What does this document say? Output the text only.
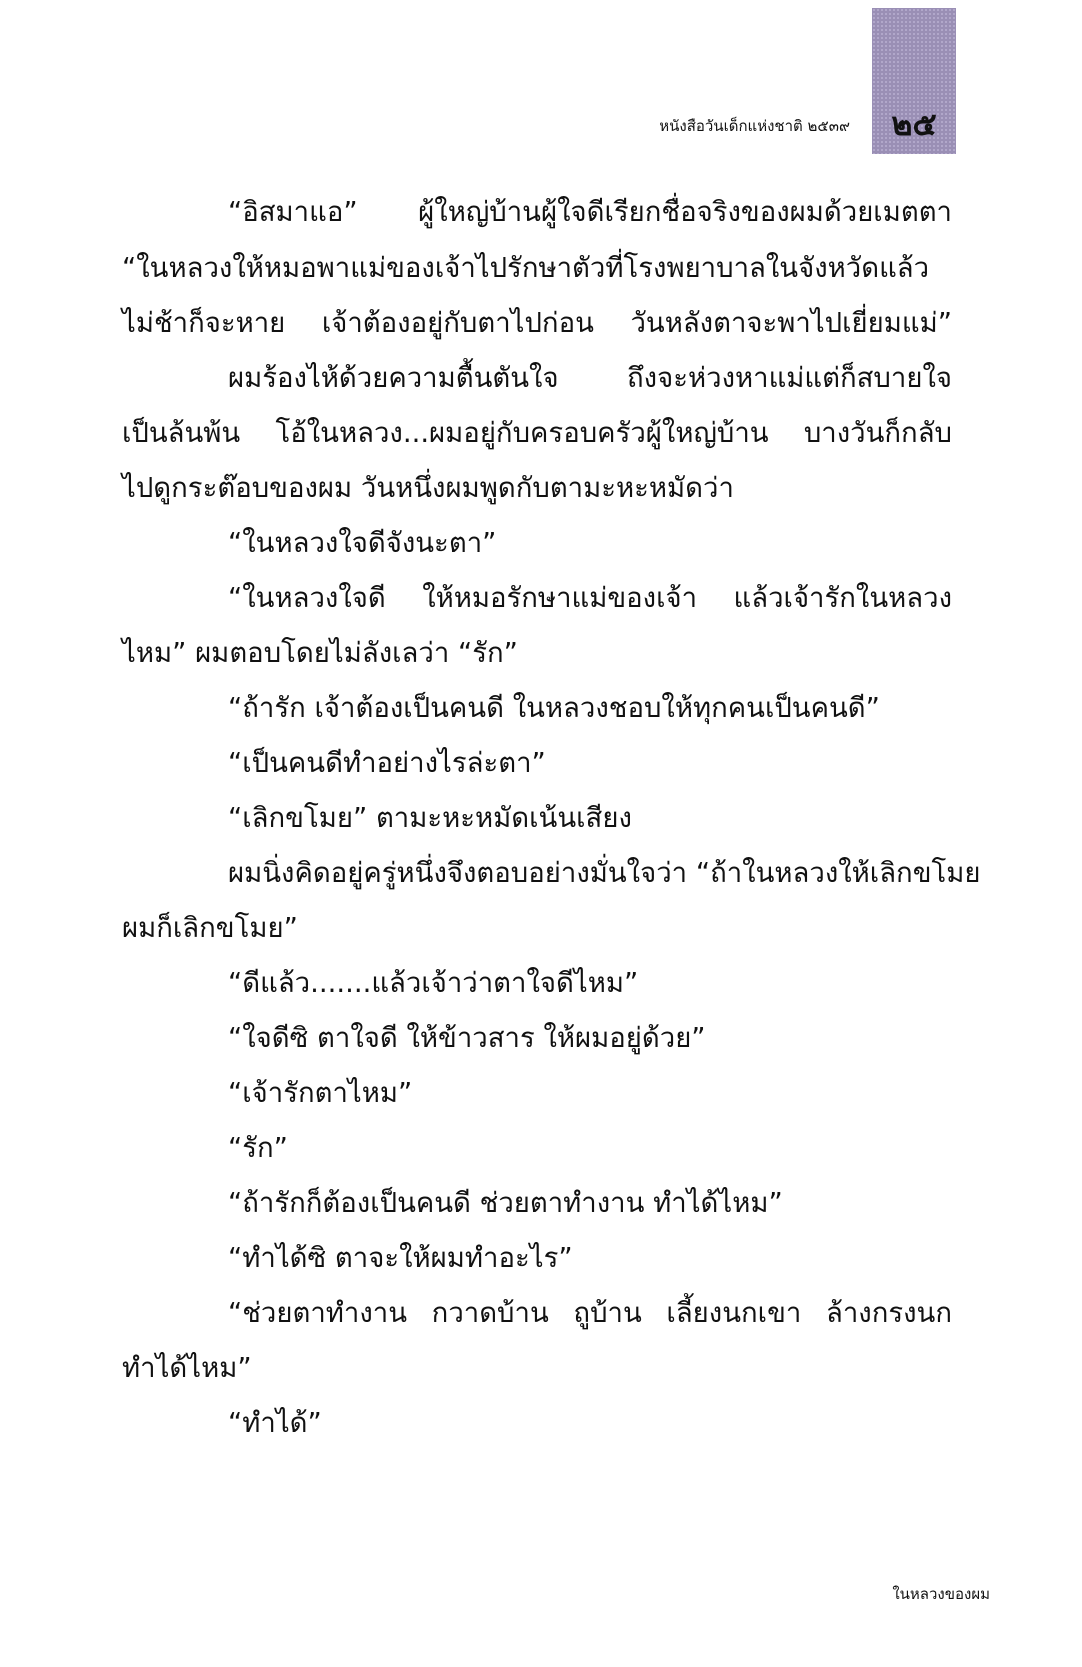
๒๕
หนังสือวันเด็กแห่งชาติ ๒๕๓๙
“อิสมาแอ” ผู้ใหญ่บ้านผู้ใจดีเรียกชื่อจริงของผมด้วยเมตตา
“ในหลวงให้หมอพาแม่ของเจ้าไปรักษาตัวที่โรงพยาบาลในจังหวัดแล้ว
ไม่ช้าก็จะหาย เจ้าต้องอยู่กับตาไปก่อน วันหลังตาจะพาไปเยี่ยมแม่”
ผมร้องไห้ด้วยความตื้นตันใจ ถึงจะห่วงหาแม่แต่ก็สบายใจ
เป็นล้นพ้น โอ้ในหลวง...ผมอยู่กับครอบครัวผู้ใหญ่บ้าน บางวันก็กลับ
ไปดูกระต๊อบของผม วันหนึ่งผมพูดกับตามะหะหมัดว่า
“ในหลวงใจดีจังนะตา”
“ในหลวงใจดี ให้หมอรักษาแม่ของเจ้า แล้วเจ้ารักในหลวง
ไหม” ผมตอบโดยไม่ลังเลว่า “รัก”
“ถ้ารัก เจ้าต้องเป็นคนดี ในหลวงชอบให้ทุกคนเป็นคนดี”
“เป็นคนดีทำอย่างไรล่ะตา”
“เลิกขโมย” ตามะหะหมัดเน้นเสียง
ผมนิ่งคิดอยู่ครู่หนึ่งจึงตอบอย่างมั่นใจว่า “ถ้าในหลวงให้เลิกขโมย
ผมก็เลิกขโมย”
“ดีแล้ว.......แล้วเจ้าว่าตาใจดีไหม”
“ใจดีซิ ตาใจดี ให้ข้าวสาร ให้ผมอยู่ด้วย”
“เจ้ารักตาไหม”
“รัก”
“ถ้ารักก็ต้องเป็นคนดี ช่วยตาทำงาน ทำได้ไหม”
“ทำได้ซิ ตาจะให้ผมทำอะไร”
“ช่วยตาทำงาน กวาดบ้าน ถูบ้าน เลี้ยงนกเขา ล้างกรงนก
ทำได้ไหม”
“ทำได้”
ในหลวงของผม
